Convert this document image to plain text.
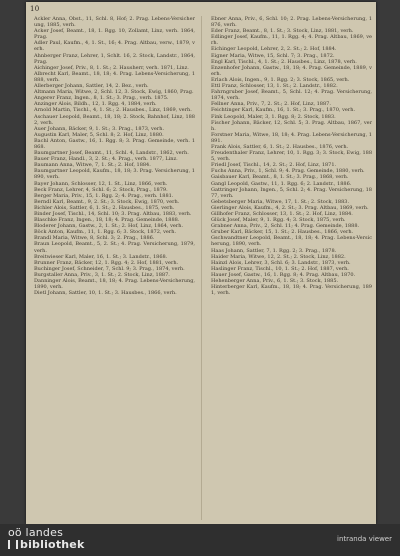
10

Ackler Anna, Obst., 11, Schl. 8, Hof; 2. Prag. Lebens-Versicherung, 1885, verh.

Acker Josef, Beamt., 18, 1. Rgg. 10, Zollamt, Linz, verh. 1864, Prag.

Adler Paul, Kaufm., 4, 1. St., 16; 4. Prag. Altbau, verw., 1879, verh.

Ahnberger Franz, Lehrer, 1, Schlt. 16, 2. Stock, Landstr., 1864, Prag.

Aichinger Josef, Priv., 8, 1. St.; 2. Hausherr, verh. 1871, Linz.

Albrecht Karl, Beamt., 18, 18; 4. Prag. Lebens-Versicherung, 1888, verh.

Allerberger Johann, Sattler, 14, 2. Bez., verh.

Altmann Maria, Witwe, 2, Schl. 12, 3. Stock, Ewig, 1860, Prag.

Angerer Franz, Ingen., 8, 1. St.; 3. Prag., verh. 1875.

Anzinger Alois, Bildh., 12, 1. Rgg. 4, 1884, verh.

Arnold Martin, Tischl., 4, 1. St.; 2. Hausbes., Linz, 1869, verh.

Aschauer Leopold, Beamt., 18, 18; 2. Stock, Bahnhof, Linz, 1882, verh.

Auer Johann, Bäcker, 9, 1. St.; 3. Prag., 1873, verh.

Augustin Karl, Maler, 5, Schl. 8; 2. Hof, Linz, 1880.

Bachl Anton, Gastw., 16, 1. Rgg. 8; 3. Prag. Gemeinde, verh. 1868.

Baumgartner Josef, Beamt., 11, Schl. 4, Landstr., 1862, verh.

Bauer Franz, Handl., 3, 2. St.; 4. Prag., verh. 1877, Linz.

Baumann Anna, Witwe, 7, 1. St.; 2. Hof, 1884.

Baumgartner Leopold, Kaufm., 18, 18; 3. Prag. Versicherung, 1890, verh.

Bayer Johann, Schlosser, 12, 1. St., Linz, 1866, verh.

Beck Franz, Lehrer, 4, Schl. 6; 2. Stock, Prag., 1879.

Berger Maria, Priv., 15, 1. Rgg. 2; 4. Prag., verh. 1881.

Berndl Karl, Beamt., 9, 2. St.; 3. Stock, Ewig, 1870, verh.

Bichler Alois, Sattler, 6, 1. St.; 2. Hausbes., 1875, verh.

Binder Josef, Tischl., 14, Schl. 10; 3. Prag. Altbau, 1883, verh.

Blaschke Franz, Ingen., 18, 18; 4. Prag. Gemeinde, 1888.

Bloderer Johann, Gastw., 2, 1. St.; 2. Hof, Linz, 1864, verh.

Böck Anton, Kaufm., 11, 1. Rgg. 6; 3. Stock, 1872, verh.

Brandl Maria, Witwe, 8, Schl. 3; 2. Prag., 1886.

Braun Leopold, Beamt., 5, 2. St.; 4. Prag. Versicherung, 1879, verh.

Breitwieser Karl, Maler, 16, 1. St.; 3. Landstr., 1868.

Brunner Franz, Bäcker, 12, 1. Rgg. 4; 2. Hof, 1881, verh.

Buchinger Josef, Schneider, 7, Schl. 9; 3. Prag., 1874, verh.

Burgstaller Anna, Priv., 3, 1. St.; 2. Stock, Linz, 1887.

Danninger Alois, Beamt., 18, 18; 4. Prag. Lebens-Versicherung, 1890, verh.

Dietl Johann, Sattler, 10, 1. St.; 3. Hausbes., 1866, verh.

Ebner Anna, Priv., 6, Schl. 10; 2. Prag. Lebens-Versicherung, 1876, verh.

Eder Franz, Beamt., 8, 1. St.; 3. Stock, Linz, 1881, verh.

Edlinger Josef, Kaufm., 11, 1. Rgg. 4; 4. Prag. Altbau, 1869, verh.

Eichinger Leopold, Lehrer, 2, 2. St.; 2. Hof, 1884.

Eigner Maria, Witwe, 15, Schl. 7; 3. Prag., 1872.

Engl Karl, Tischl., 4, 1. St.; 2. Hausbes., Linz, 1878, verh.

Enzenhofer Johann, Gastw., 18, 18; 4. Prag. Gemeinde, 1889, verh.

Erlach Alois, Ingen., 9, 1. Rgg. 2; 3. Stock, 1865, verh.

Ettl Franz, Schlosser, 13, 1. St.; 2. Landstr., 1882.

Fahrngruber Josef, Beamt., 5, Schl. 12; 4. Prag. Versicherung, 1874, verh.

Fellner Anna, Priv., 7, 2. St.; 2. Hof, Linz, 1887.

Feichtinger Karl, Kaufm., 16, 1. St.; 3. Prag., 1870, verh.

Fink Leopold, Maler, 3, 1. Rgg. 8; 2. Stock, 1883.

Fischer Johann, Bäcker, 12, Schl. 5; 3. Prag. Altbau, 1867, verh.

Forstner Maria, Witwe, 18, 18; 4. Prag. Lebens-Versicherung, 1891.

Frank Alois, Sattler, 6, 1. St.; 2. Hausbes., 1876, verh.

Freudenthaler Franz, Lehrer, 10, 1. Rgg. 3; 3. Stock, Ewig, 1885, verh.

Friedl Josef, Tischl., 14, 2. St.; 2. Hof, Linz, 1871.

Fuchs Anna, Priv., 1, Schl. 9; 4. Prag. Gemeinde, 1880, verh.

Gaisbauer Karl, Beamt., 8, 1. St.; 3. Prag., 1868, verh.

Gangl Leopold, Gastw., 11, 1. Rgg. 6; 2. Landstr., 1886.

Gattringer Johann, Ingen., 5, Schl. 2; 4. Prag. Versicherung, 1877, verh.

Gebetsberger Maria, Witwe, 17, 1. St.; 2. Stock, 1883.

Gierlinger Alois, Kaufm., 4, 2. St.; 3. Prag. Altbau, 1869, verh.

Gillhofer Franz, Schlosser, 13, 1. St.; 2. Hof, Linz, 1884.

Glück Josef, Maler, 9, 1. Rgg. 4; 3. Stock, 1875, verh.

Grabner Anna, Priv., 2, Schl. 11; 4. Prag. Gemeinde, 1888.

Gruber Karl, Bäcker, 15, 1. St.; 2. Hausbes., 1866, verh.

Gschwandtner Leopold, Beamt., 18, 18; 4. Prag. Lebens-Versicherung, 1890, verh.

Haas Johann, Sattler, 7, 1. Rgg. 2; 3. Prag., 1878.

Haider Maria, Witwe, 12, 2. St.; 2. Stock, Linz, 1882.

Hainzl Alois, Lehrer, 3, Schl. 6; 3. Landstr., 1873, verh.

Haslinger Franz, Tischl., 10, 1. St.; 2. Hof, 1887, verh.

Hauer Josef, Gastw., 16, 1. Rgg. 8; 4. Prag. Altbau, 1870.

Hehenberger Anna, Priv., 6, 1. St.; 3. Stock, 1885.

Hinterberger Karl, Kaufm., 18, 18; 4. Prag. Versicherung, 1891, verh.

oö landes
bibliothek	intranda viewer
